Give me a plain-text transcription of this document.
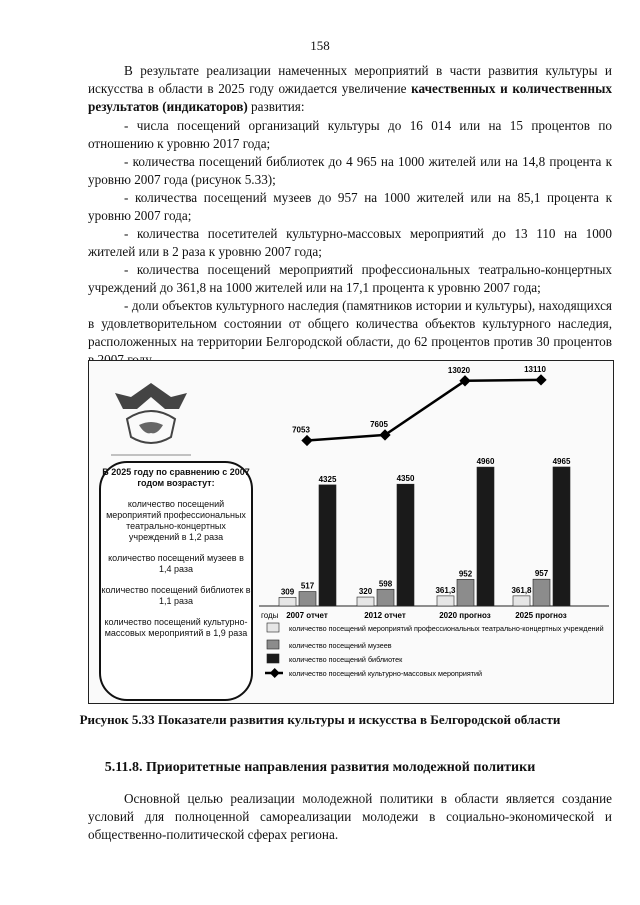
158

В результате реализации намеченных мероприятий в части развития культуры и искусства в области в 2025 году ожидается увеличение качественных и количественных результатов (индикаторов) развития:

- числа посещений организаций культуры до 16 014 или на 15 процентов по отношению к уровню 2017 года;

- количества посещений библиотек до 4 965 на 1000 жителей или на 14,8 процента к уровню 2007 года (рисунок 5.33);

- количества посещений музеев до 957 на 1000 жителей или на 85,1 процента к уровню 2007 года;

- количества посетителей культурно-массовых мероприятий до 13 110 на 1000 жителей или в 2 раза к уровню 2007 года;

- количества посещений мероприятий профессиональных театрально-концертных учреждений до 361,8 на 1000 жителей или на 17,1 процента к уровню 2007 года;

- доли объектов культурного наследия (памятников истории и культуры), находящихся в удовлетворительном состоянии от общего количества объектов культурного наследия, расположенных на территории Белгородской области, до 62 процентов против 30 процентов

годы
309
517
4325
2007 отчет
320
598
4350
2012 отчет
361,3
952
4960
2020 прогноз
361,8
957
4965
2025 прогноз
7053
7605
13020	13110
количество посещений мероприятий профессиональных театрально-концертных учреждений
количество посещений музеев
количество посещений библиотек
количество посещений культурно-массовых мероприятий
В 2025 году по сравнению с 2007 годом возрастут:
количество посещений мероприятий профессиональных театрально-концертных учреждений в 1,2 раза
количество посещений музеев в 1,4 раза
количество посещений библиотек в 1,1 раза
количество посещений культурно-массовых мероприятий в 1,9 раза
Рисунок 5.33 Показатели развития культуры и искусства в Белгородской области
5.11.8. Приоритетные направления развития молодежной политики

Основной целью реализации молодежной политики в области является создание условий для полноценной самореализации молодежи в социально-экономической и общественно-политической сферах региона.
